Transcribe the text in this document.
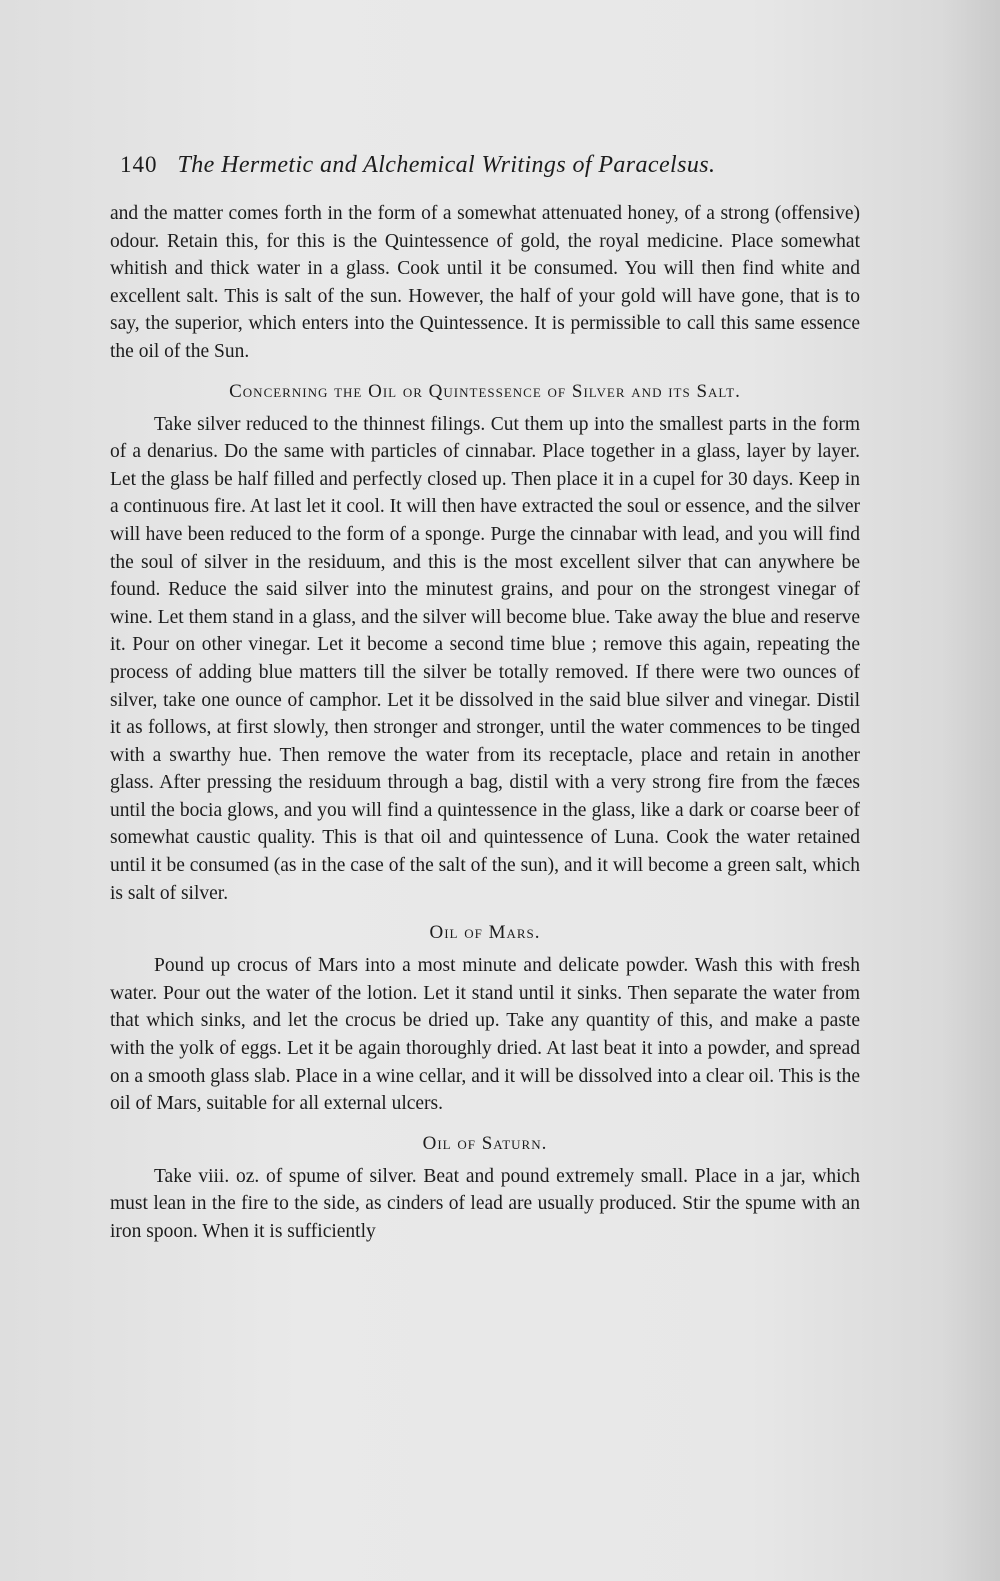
140 The Hermetic and Alchemical Writings of Paracelsus.

and the matter comes forth in the form of a somewhat attenuated honey, of a strong (offensive) odour. Retain this, for this is the Quintessence of gold, the royal medicine. Place somewhat whitish and thick water in a glass. Cook until it be consumed. You will then find white and excellent salt. This is salt of the sun. However, the half of your gold will have gone, that is to say, the superior, which enters into the Quintessence. It is permissible to call this same essence the oil of the Sun.

Concerning the Oil or Quintessence of Silver and its Salt.

Take silver reduced to the thinnest filings. Cut them up into the smallest parts in the form of a denarius. Do the same with particles of cinnabar. Place together in a glass, layer by layer. Let the glass be half filled and perfectly closed up. Then place it in a cupel for 30 days. Keep in a continuous fire. At last let it cool. It will then have extracted the soul or essence, and the silver will have been reduced to the form of a sponge. Purge the cinnabar with lead, and you will find the soul of silver in the residuum, and this is the most excellent silver that can anywhere be found. Reduce the said silver into the minutest grains, and pour on the strongest vinegar of wine. Let them stand in a glass, and the silver will become blue. Take away the blue and reserve it. Pour on other vinegar. Let it become a second time blue ; remove this again, repeating the process of adding blue matters till the silver be totally removed. If there were two ounces of silver, take one ounce of camphor. Let it be dissolved in the said blue silver and vinegar. Distil it as follows, at first slowly, then stronger and stronger, until the water commences to be tinged with a swarthy hue. Then remove the water from its receptacle, place and retain in another glass. After pressing the residuum through a bag, distil with a very strong fire from the fæces until the bocia glows, and you will find a quintessence in the glass, like a dark or coarse beer of somewhat caustic quality. This is that oil and quintessence of Luna. Cook the water retained until it be consumed (as in the case of the salt of the sun), and it will become a green salt, which is salt of silver.

Oil of Mars.

Pound up crocus of Mars into a most minute and delicate powder. Wash this with fresh water. Pour out the water of the lotion. Let it stand until it sinks. Then separate the water from that which sinks, and let the crocus be dried up. Take any quantity of this, and make a paste with the yolk of eggs. Let it be again thoroughly dried. At last beat it into a powder, and spread on a smooth glass slab. Place in a wine cellar, and it will be dissolved into a clear oil. This is the oil of Mars, suitable for all external ulcers.

Oil of Saturn.

Take viii. oz. of spume of silver. Beat and pound extremely small. Place in a jar, which must lean in the fire to the side, as cinders of lead are usually produced. Stir the spume with an iron spoon. When it is sufficiently
